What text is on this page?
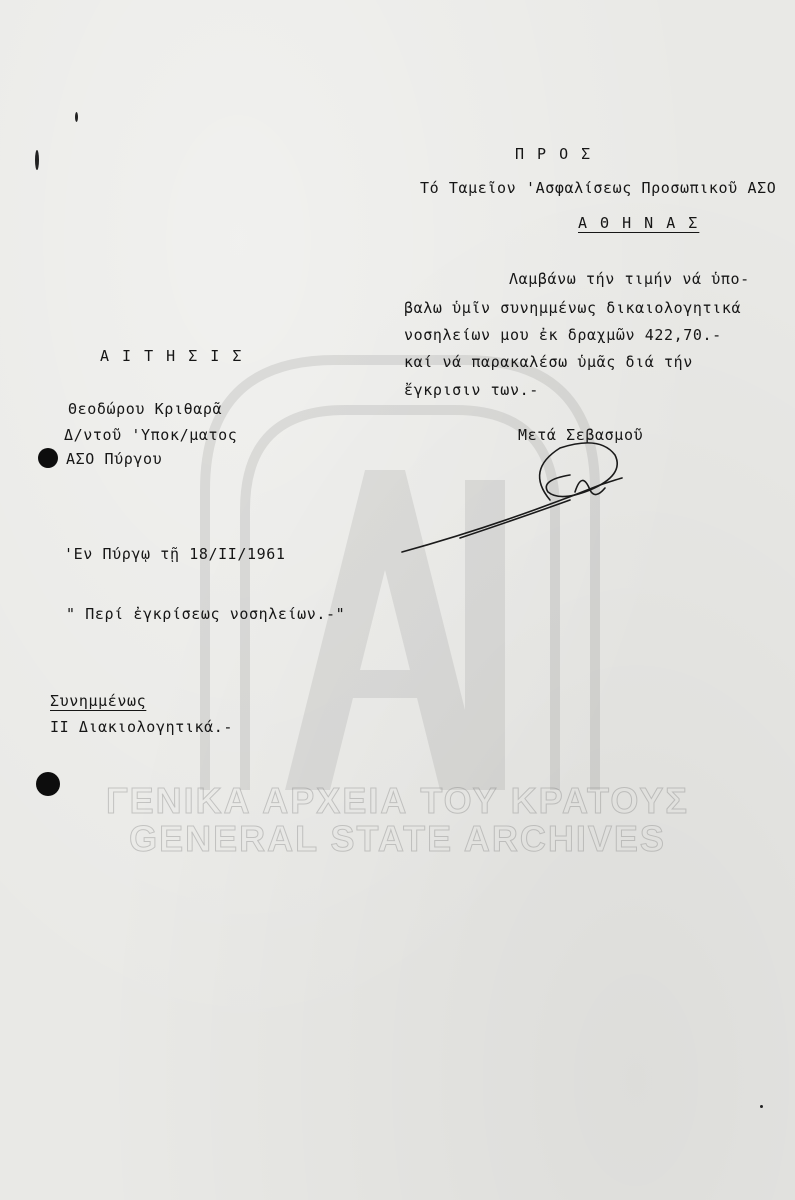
ΓΕΝΙΚΑ ΑΡΧΕΙΑ ΤΟΥ ΚΡΑΤΟΥΣ
GENERAL STATE ARCHIVES
Π Ρ Ο Σ
Τό Ταμεῖον 'Ασφαλίσεως Προσωπικοῦ ΑΣΟ
Α Θ Η Ν Α Σ
Λαμβάνω τήν τιμήν νά ὑπο-
βαλω ὑμῖν συνημμένως δικαιολογητικά
νοσηλείων μου ἐκ δραχμῶν 422,70.-
καί νά παρακαλέσω ὑμᾶς διά τήν
ἔγκρισιν των.-
Μετά Σεβασμοῦ
Α Ι Τ Η Σ Ι Σ
Θεοδώρου Κριθαρᾶ
Δ/ντοῦ 'Υποκ/ματος
ΑΣΟ Πύργου
'Εν Πύργῳ τῇ 18/ΙΙ/1961
" Περί ἐγκρίσεως νοσηλείων.-"
Συνημμένως
ΙΙ Διακιολογητικά.-
